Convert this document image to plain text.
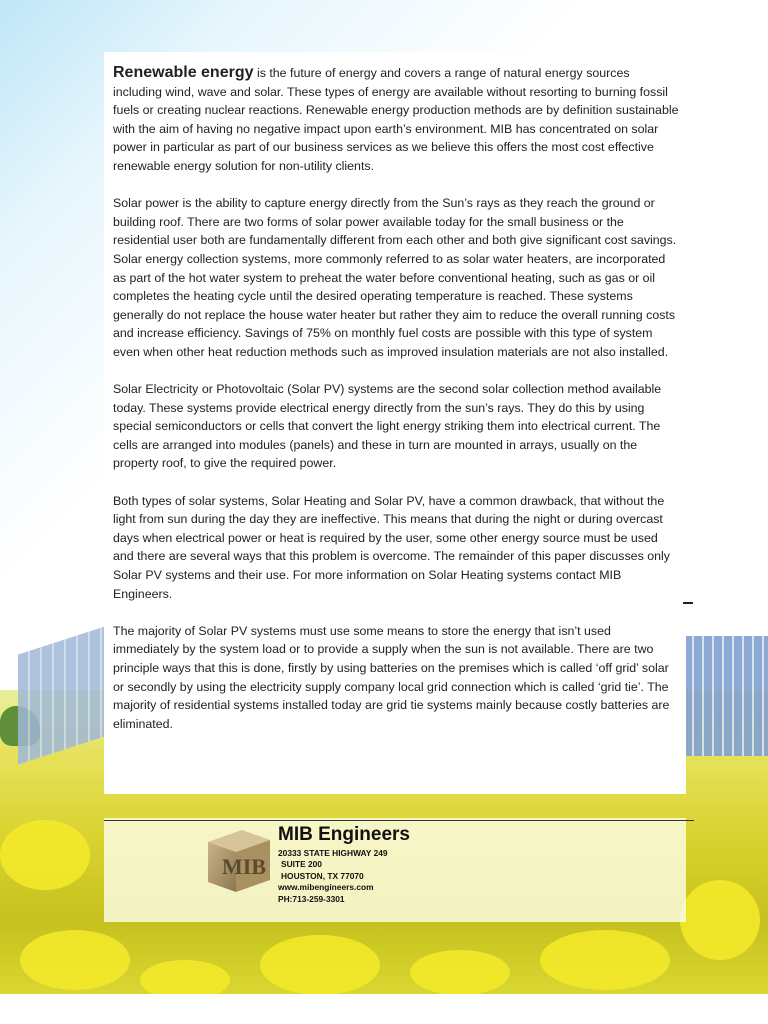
Renewable energy is the future of energy and covers a range of natural energy sources including wind, wave and solar. These types of energy are available without resorting to burning fossil fuels or creating nuclear reactions. Renewable energy production methods are by definition sustainable with the aim of having no negative impact upon earth’s environment. MIB has concentrated on solar power in particular as part of our business services as we believe this offers the most cost effective renewable energy solution for non-utility clients.

Solar power is the ability to capture energy directly from the Sun’s rays as they reach the ground or building roof. There are two forms of solar power available today for the small business or the residential user both are fundamentally different from each other and both give significant cost savings. Solar energy collection systems, more commonly referred to as solar water heaters, are incorporated as part of the hot water system to preheat the water before conventional heating, such as gas or oil completes the heating cycle until the desired operating temperature is reached. These systems generally do not replace the house water heater but rather they aim to reduce the overall running costs and increase efficiency. Savings of 75% on monthly fuel costs are possible with this type of system even when other heat reduction methods such as improved insulation materials are not also installed.

Solar Electricity or Photovoltaic (Solar PV) systems are the second solar collection method available today. These systems provide electrical energy directly from the sun’s rays. They do this by using special semiconductors or cells that convert the light energy striking them into electrical current. The cells are arranged into modules (panels) and these in turn are mounted in arrays, usually on the property roof, to give the required power.

Both types of solar systems, Solar Heating and Solar PV, have a common drawback, that without the light from sun during the day they are ineffective. This means that during the night or during overcast days when electrical power or heat is required by the user, some other energy source must be used and there are several ways that this problem is overcome. The remainder of this paper discusses only Solar PV systems and their use. For more information on Solar Heating systems contact MIB Engineers.

The majority of Solar PV systems must use some means to store the energy that isn’t used immediately by the system load or to provide a supply when the sun is not available. There are two principle ways that this is done, firstly by using batteries on the premises which is called ‘off grid’ solar or secondly by using the electricity supply company local grid connection which is called ‘grid tie’. The majority of residential systems installed today are grid tie systems mainly because costly batteries are eliminated.

MIB
MIB Engineers
20333 STATE HIGHWAY 249
SUITE 200
HOUSTON, TX 77070
www.mibengineers.com
PH:713-259-3301
